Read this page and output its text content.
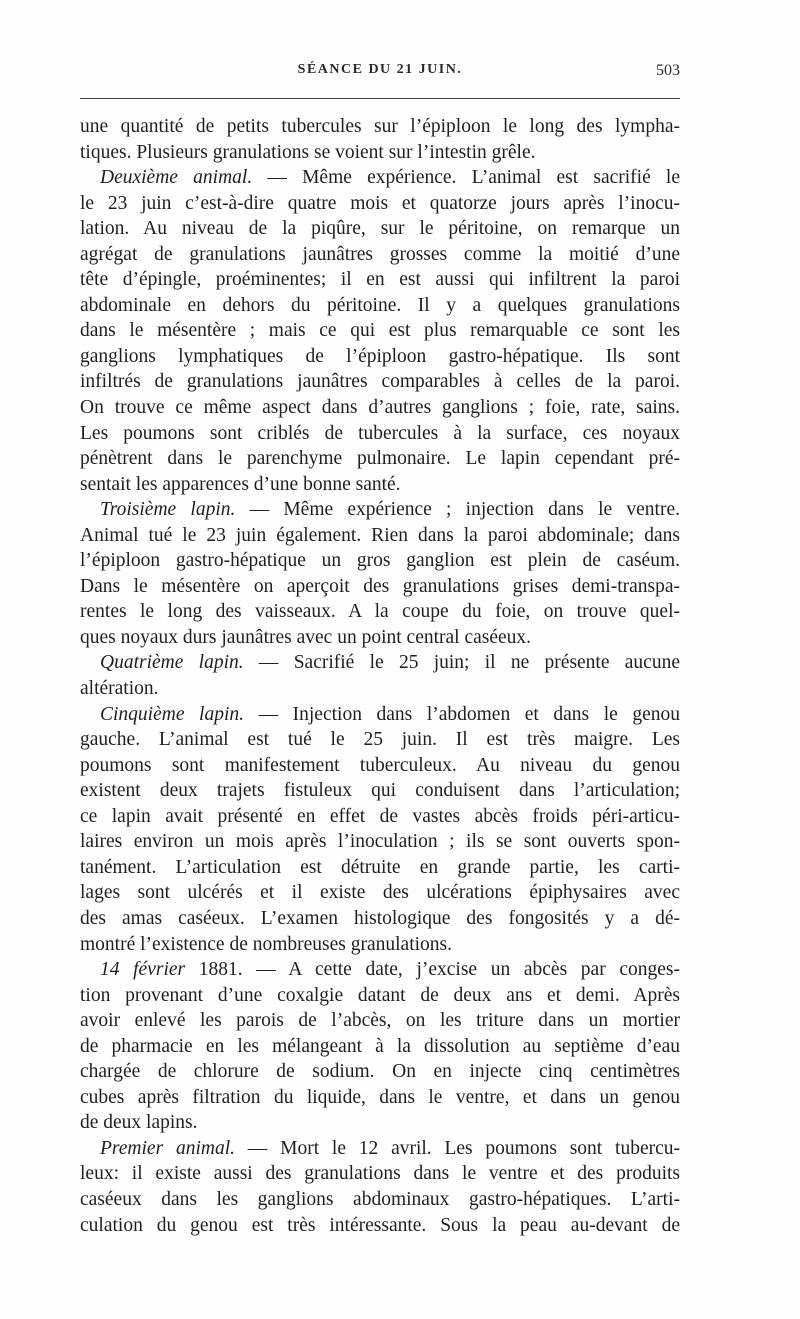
SÉANCE DU 21 JUIN.	503
une quantité de petits tubercules sur l’épiploon le long des lympha-
tiques. Plusieurs granulations se voient sur l’intestin grêle.
Deuxième animal. — Même expérience. L’animal est sacrifié le
le 23 juin c’est-à-dire quatre mois et quatorze jours après l’inocu-
lation. Au niveau de la piqûre, sur le péritoine, on remarque un
agrégat de granulations jaunâtres grosses comme la moitié d’une
tête d’épingle, proéminentes; il en est aussi qui infiltrent la paroi
abdominale en dehors du péritoine. Il y a quelques granulations
dans le mésentère ; mais ce qui est plus remarquable ce sont les
ganglions lymphatiques de l’épiploon gastro-hépatique. Ils sont
infiltrés de granulations jaunâtres comparables à celles de la paroi.
On trouve ce même aspect dans d’autres ganglions ; foie, rate, sains.
Les poumons sont criblés de tubercules à la surface, ces noyaux
pénètrent dans le parenchyme pulmonaire. Le lapin cependant pré-
sentait les apparences d’une bonne santé.
Troisième lapin. — Même expérience ; injection dans le ventre.
Animal tué le 23 juin également. Rien dans la paroi abdominale; dans
l’épiploon gastro-hépatique un gros ganglion est plein de caséum.
Dans le mésentère on aperçoit des granulations grises demi-transpa-
rentes le long des vaisseaux. A la coupe du foie, on trouve quel-
ques noyaux durs jaunâtres avec un point central caséeux.
Quatrième lapin. — Sacrifié le 25 juin; il ne présente aucune
altération.
Cinquième lapin. — Injection dans l’abdomen et dans le genou
gauche. L’animal est tué le 25 juin. Il est très maigre. Les
poumons sont manifestement tuberculeux. Au niveau du genou
existent deux trajets fistuleux qui conduisent dans l’articulation;
ce lapin avait présenté en effet de vastes abcès froids péri-articu-
laires environ un mois après l’inoculation ; ils se sont ouverts spon-
tanément. L’articulation est détruite en grande partie, les carti-
lages sont ulcérés et il existe des ulcérations épiphysaires avec
des amas caséeux. L’examen histologique des fongosités y a dé-
montré l’existence de nombreuses granulations.
14 février 1881. — A cette date, j’excise un abcès par conges-
tion provenant d’une coxalgie datant de deux ans et demi. Après
avoir enlevé les parois de l’abcès, on les triture dans un mortier
de pharmacie en les mélangeant à la dissolution au septième d’eau
chargée de chlorure de sodium. On en injecte cinq centimètres
cubes après filtration du liquide, dans le ventre, et dans un genou
de deux lapins.
Premier animal. — Mort le 12 avril. Les poumons sont tubercu-
leux: il existe aussi des granulations dans le ventre et des produits
caséeux dans les ganglions abdominaux gastro-hépatiques. L’arti-
culation du genou est très intéressante. Sous la peau au-devant de
